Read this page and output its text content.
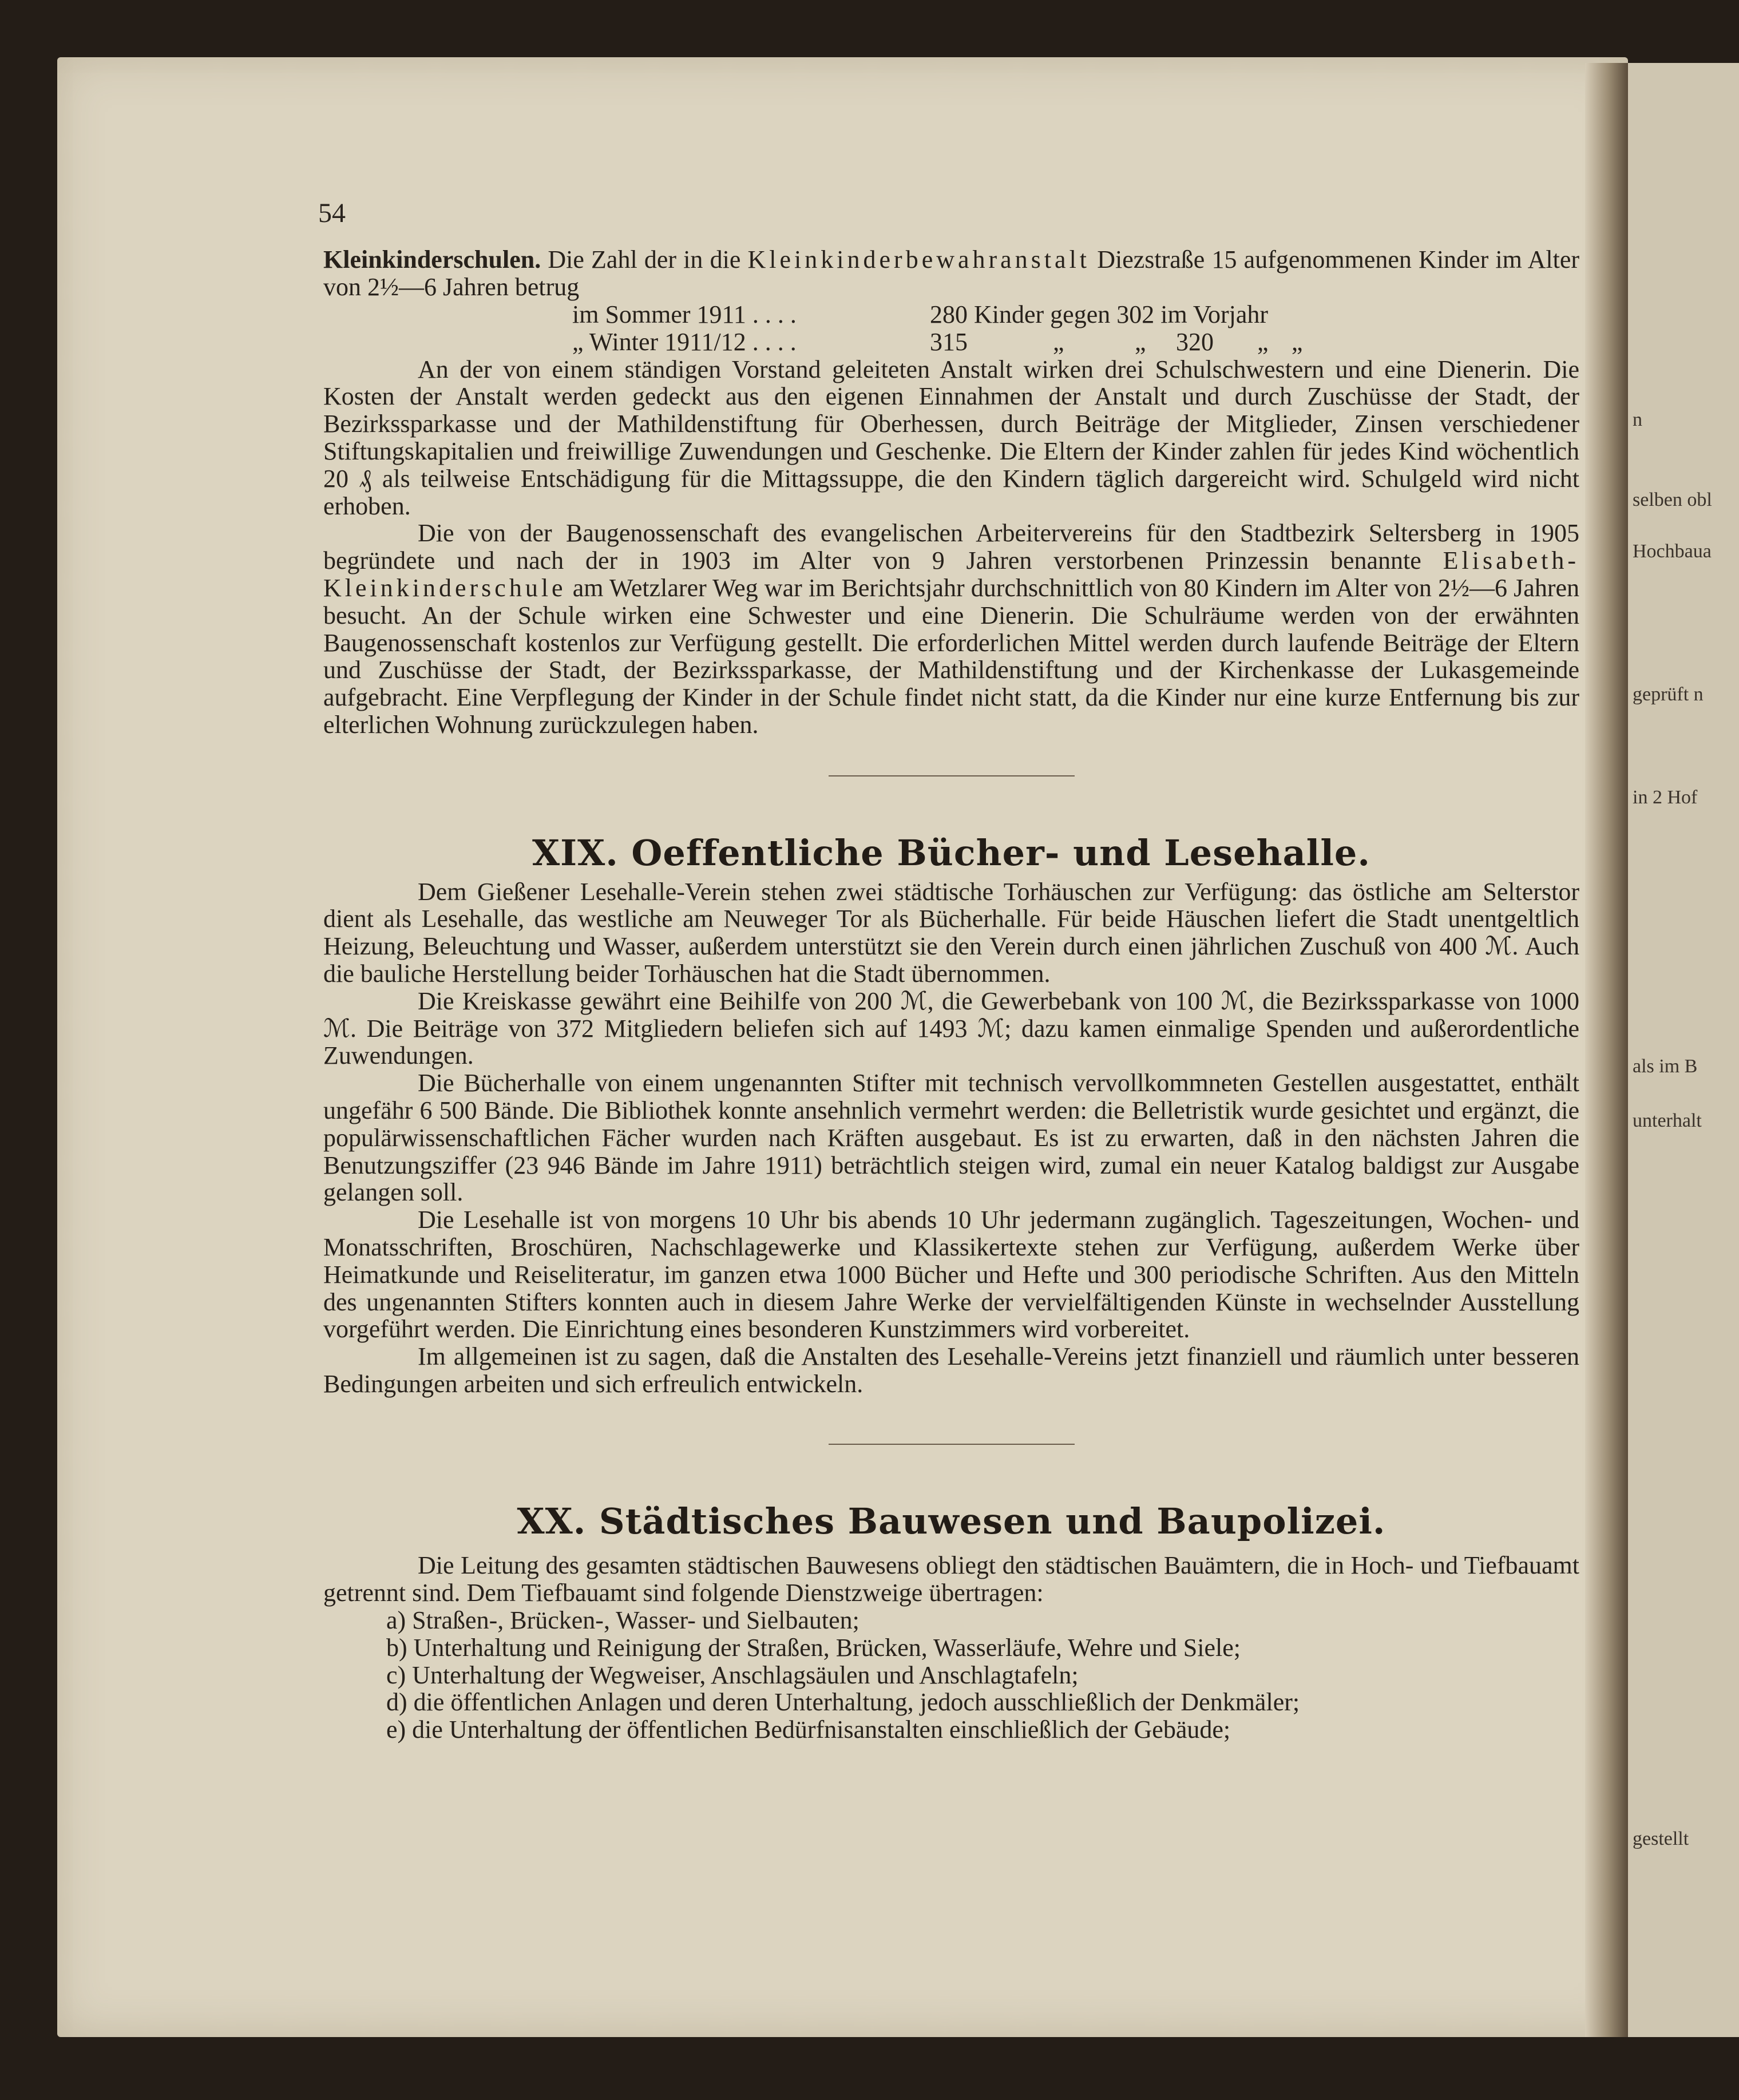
n
selben obl
Hochbaua
geprüft n
in 2 Hof
als im B
unterhalt
gestellt
54

Kleinkinderschulen. Die Zahl der in die Kleinkinderbewahranstalt Diezstraße 15 aufgenommenen Kinder im Alter von 2½—6 Jahren betrug

im Sommer 1911 . . . .	280 Kinder gegen 302 im Vorjahr
„ Winter 1911/12 . . . .	315	„	„ 320 „ „

An der von einem ständigen Vorstand geleiteten Anstalt wirken drei Schulschwestern und eine Dienerin. Die Kosten der Anstalt werden gedeckt aus den eigenen Einnahmen der Anstalt und durch Zuschüsse der Stadt, der Bezirkssparkasse und der Mathildenstiftung für Oberhessen, durch Beiträge der Mitglieder, Zinsen verschiedener Stiftungskapitalien und freiwillige Zuwendungen und Geschenke. Die Eltern der Kinder zahlen für jedes Kind wöchentlich 20 ₰ als teilweise Entschädigung für die Mittagssuppe, die den Kindern täglich dargereicht wird. Schulgeld wird nicht erhoben.

Die von der Baugenossenschaft des evangelischen Arbeitervereins für den Stadtbezirk Seltersberg in 1905 begründete und nach der in 1903 im Alter von 9 Jahren verstorbenen Prinzessin benannte Elisabeth-Kleinkinderschule am Wetzlarer Weg war im Berichtsjahr durchschnittlich von 80 Kindern im Alter von 2½—6 Jahren besucht. An der Schule wirken eine Schwester und eine Dienerin. Die Schulräume werden von der erwähnten Baugenossenschaft kostenlos zur Verfügung gestellt. Die erforderlichen Mittel werden durch laufende Beiträge der Eltern und Zuschüsse der Stadt, der Bezirkssparkasse, der Mathildenstiftung und der Kirchenkasse der Lukasgemeinde aufgebracht. Eine Verpflegung der Kinder in der Schule findet nicht statt, da die Kinder nur eine kurze Entfernung bis zur elterlichen Wohnung zurückzulegen haben.

XIX. Oeffentliche Bücher- und Lesehalle.

Dem Gießener Lesehalle-Verein stehen zwei städtische Torhäuschen zur Verfügung: das östliche am Selterstor dient als Lesehalle, das westliche am Neuweger Tor als Bücherhalle. Für beide Häuschen liefert die Stadt unentgeltlich Heizung, Beleuchtung und Wasser, außerdem unterstützt sie den Verein durch einen jährlichen Zuschuß von 400 ℳ. Auch die bauliche Herstellung beider Torhäuschen hat die Stadt übernommen.

Die Kreiskasse gewährt eine Beihilfe von 200 ℳ, die Gewerbebank von 100 ℳ, die Bezirkssparkasse von 1000 ℳ. Die Beiträge von 372 Mitgliedern beliefen sich auf 1493 ℳ; dazu kamen einmalige Spenden und außerordentliche Zuwendungen.

Die Bücherhalle von einem ungenannten Stifter mit technisch vervollkommneten Gestellen ausgestattet, enthält ungefähr 6 500 Bände. Die Bibliothek konnte ansehnlich vermehrt werden: die Belletristik wurde gesichtet und ergänzt, die populärwissenschaftlichen Fächer wurden nach Kräften ausgebaut. Es ist zu erwarten, daß in den nächsten Jahren die Benutzungsziffer (23 946 Bände im Jahre 1911) beträchtlich steigen wird, zumal ein neuer Katalog baldigst zur Ausgabe gelangen soll.

Die Lesehalle ist von morgens 10 Uhr bis abends 10 Uhr jedermann zugänglich. Tageszeitungen, Wochen- und Monatsschriften, Broschüren, Nachschlagewerke und Klassikertexte stehen zur Verfügung, außerdem Werke über Heimatkunde und Reiseliteratur, im ganzen etwa 1000 Bücher und Hefte und 300 periodische Schriften. Aus den Mitteln des ungenannten Stifters konnten auch in diesem Jahre Werke der vervielfältigenden Künste in wechselnder Ausstellung vorgeführt werden. Die Einrichtung eines besonderen Kunstzimmers wird vorbereitet.

Im allgemeinen ist zu sagen, daß die Anstalten des Lesehalle-Vereins jetzt finanziell und räumlich unter besseren Bedingungen arbeiten und sich erfreulich entwickeln.

XX. Städtisches Bauwesen und Baupolizei.

Die Leitung des gesamten städtischen Bauwesens obliegt den städtischen Bauämtern, die in Hoch- und Tiefbauamt getrennt sind. Dem Tiefbauamt sind folgende Dienstzweige übertragen:

a) Straßen-, Brücken-, Wasser- und Sielbauten;

b) Unterhaltung und Reinigung der Straßen, Brücken, Wasserläufe, Wehre und Siele;

c) Unterhaltung der Wegweiser, Anschlagsäulen und Anschlagtafeln;

d) die öffentlichen Anlagen und deren Unterhaltung, jedoch ausschließlich der Denkmäler;

e) die Unterhaltung der öffentlichen Bedürfnisanstalten einschließlich der Gebäude;
